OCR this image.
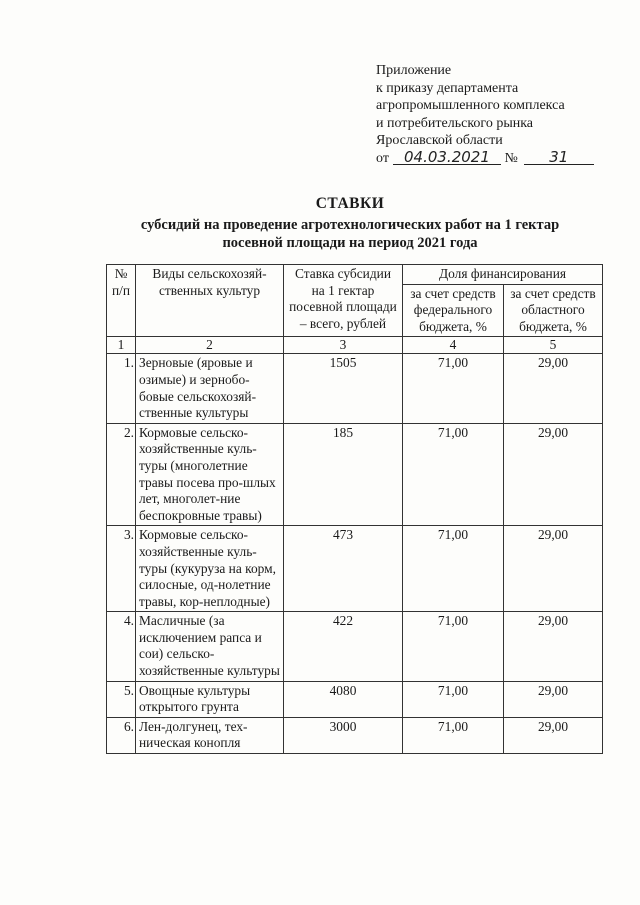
Приложение
к приказу департамента
агропромышленного комплекса
и потребительского рынка
Ярославской области
от 04.03.2021 № 31
СТАВКИ
субсидий на проведение агротехнологических работ на 1 гектар
посевной площади на период 2021 года
№ п/п	Виды сельскохозяй-ственных культур	Ставка субсидии на 1 гектар посевной площади – всего, рублей	Доля финансирования	
			за счет средств федерального бюджета, %	за счет средств областного бюджета, %
1	2	3	4	5
1.	Зерновые (яровые и озимые) и зернобо-бовые сельскохозяй-ственные культуры	1505	71,00	29,00
2.	Кормовые сельско-хозяйственные куль-туры (многолетние травы посева про-шлых лет, многолет-ние беспокровные травы)	185	71,00	29,00
3.	Кормовые сельско-хозяйственные куль-туры (кукуруза на корм, силосные, од-нолетние травы, кор-неплодные)	473	71,00	29,00
4.	Масличные (за исключением рапса и сои) сельско-хозяйственные культуры	422	71,00	29,00
5.	Овощные культуры открытого грунта	4080	71,00	29,00
6.	Лен-долгунец, тех-ническая конопля	3000	71,00	29,00
